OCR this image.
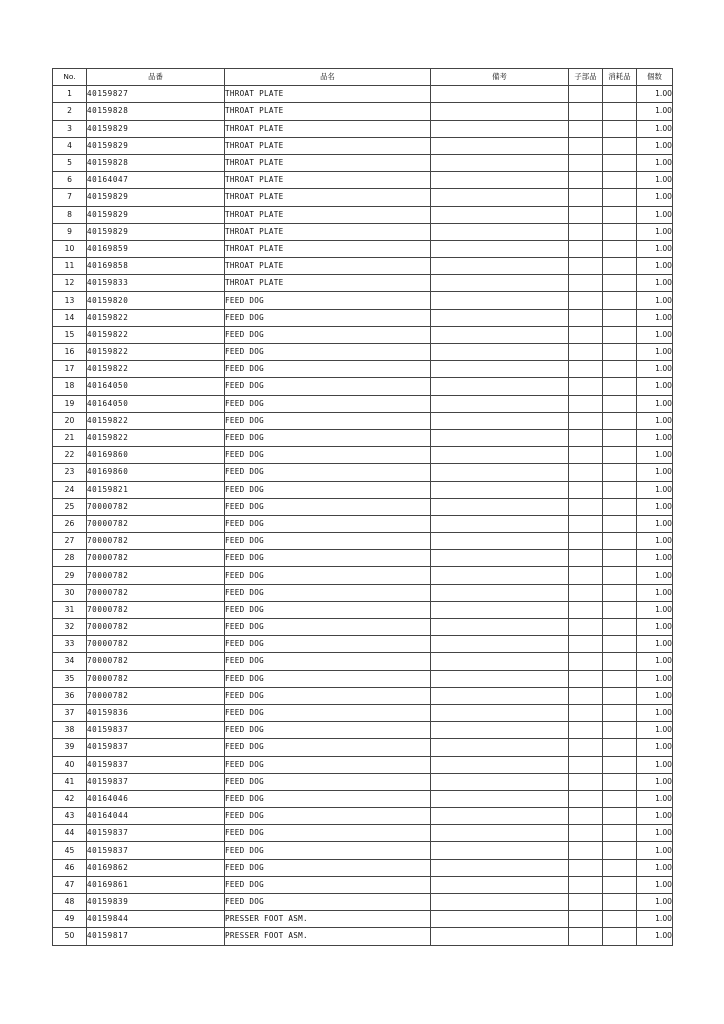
No.	品番	品名	備考	子部品	消耗品	個数
1	40159827	THROAT PLATE				1.00
2	40159828	THROAT PLATE				1.00
3	40159829	THROAT PLATE				1.00
4	40159829	THROAT PLATE				1.00
5	40159828	THROAT PLATE				1.00
6	40164047	THROAT PLATE				1.00
7	40159829	THROAT PLATE				1.00
8	40159829	THROAT PLATE				1.00
9	40159829	THROAT PLATE				1.00
10	40169859	THROAT PLATE				1.00
11	40169858	THROAT PLATE				1.00
12	40159833	THROAT PLATE				1.00
13	40159820	FEED DOG				1.00
14	40159822	FEED DOG				1.00
15	40159822	FEED DOG				1.00
16	40159822	FEED DOG				1.00
17	40159822	FEED DOG				1.00
18	40164050	FEED DOG				1.00
19	40164050	FEED DOG				1.00
20	40159822	FEED DOG				1.00
21	40159822	FEED DOG				1.00
22	40169860	FEED DOG				1.00
23	40169860	FEED DOG				1.00
24	40159821	FEED DOG				1.00
25	70000782	FEED DOG				1.00
26	70000782	FEED DOG				1.00
27	70000782	FEED DOG				1.00
28	70000782	FEED DOG				1.00
29	70000782	FEED DOG				1.00
30	70000782	FEED DOG				1.00
31	70000782	FEED DOG				1.00
32	70000782	FEED DOG				1.00
33	70000782	FEED DOG				1.00
34	70000782	FEED DOG				1.00
35	70000782	FEED DOG				1.00
36	70000782	FEED DOG				1.00
37	40159836	FEED DOG				1.00
38	40159837	FEED DOG				1.00
39	40159837	FEED DOG				1.00
40	40159837	FEED DOG				1.00
41	40159837	FEED DOG				1.00
42	40164046	FEED DOG				1.00
43	40164044	FEED DOG				1.00
44	40159837	FEED DOG				1.00
45	40159837	FEED DOG				1.00
46	40169862	FEED DOG				1.00
47	40169861	FEED DOG				1.00
48	40159839	FEED DOG				1.00
49	40159844	PRESSER FOOT ASM.				1.00
50	40159817	PRESSER FOOT ASM.				1.00
